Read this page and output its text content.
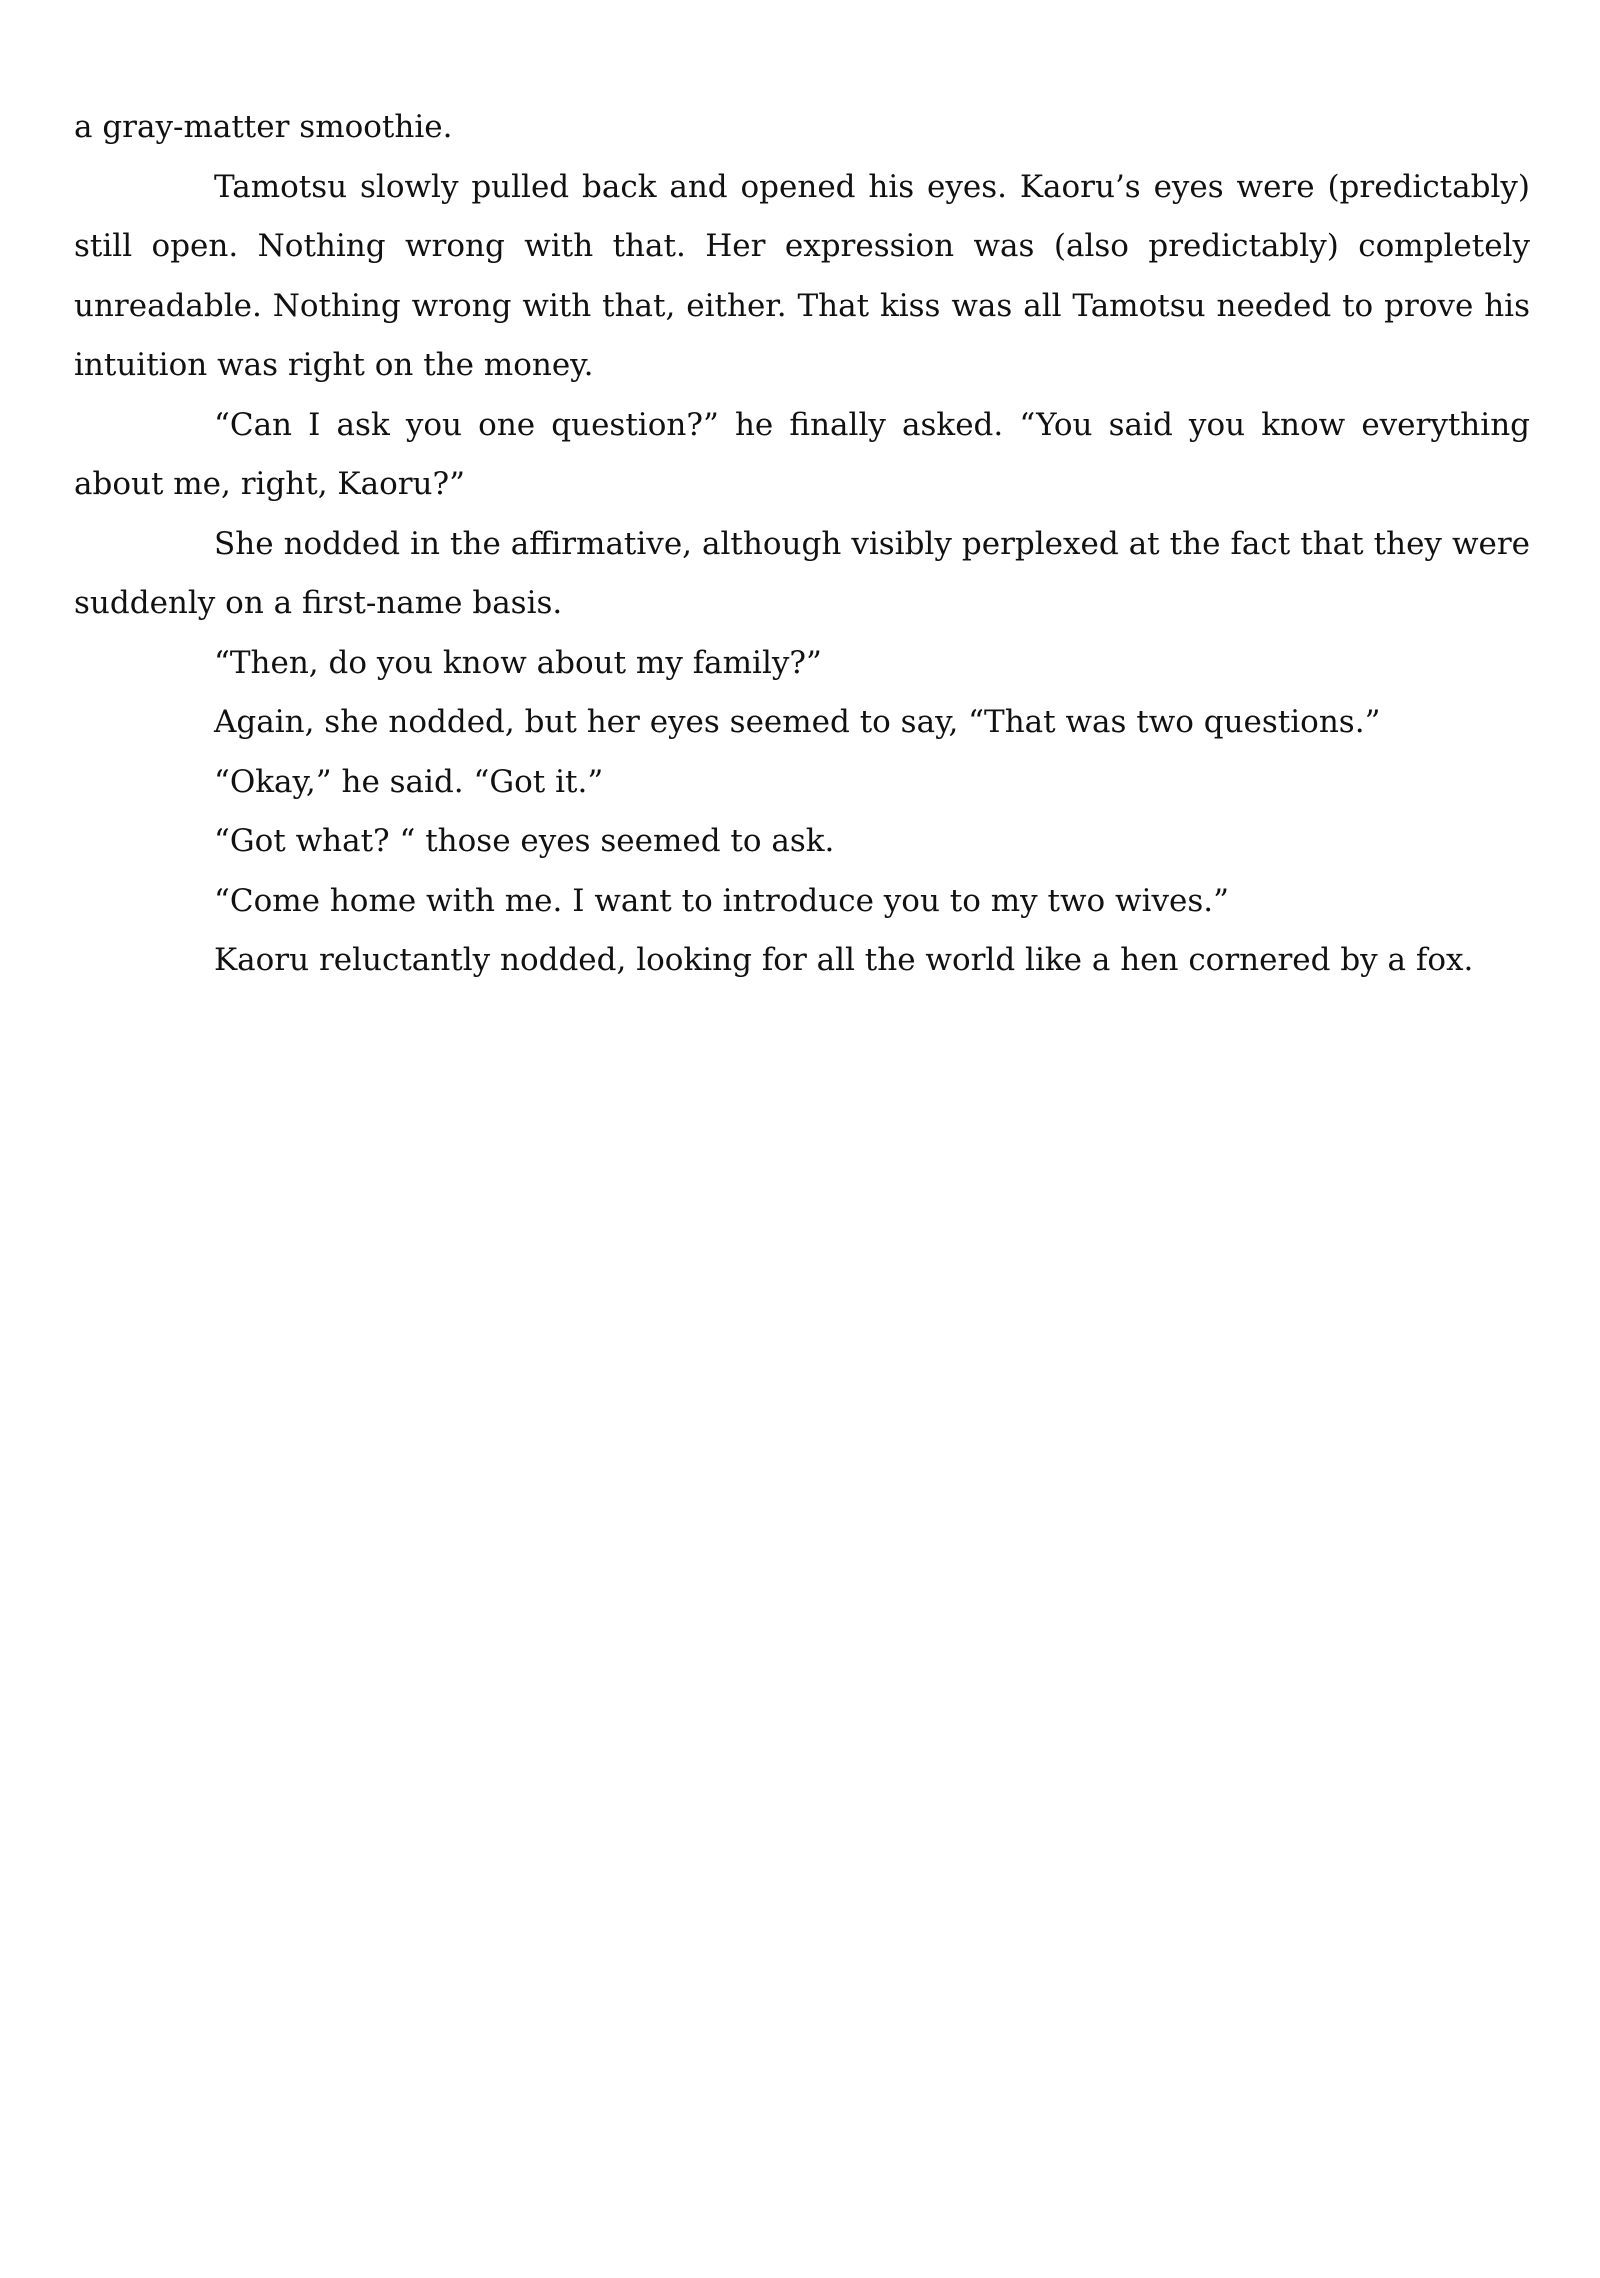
a gray-matter smoothie.

Tamotsu slowly pulled back and opened his eyes. Kaoru’s eyes were (predictably) still open. Nothing wrong with that. Her expression was (also predictably) completely unreadable. Nothing wrong with that, either. That kiss was all Tamotsu needed to prove his intuition was right on the money.

“Can I ask you one question?” he finally asked. “You said you know everything about me, right, Kaoru?”

She nodded in the affirmative, although visibly perplexed at the fact that they were suddenly on a first-name basis.

“Then, do you know about my family?”

Again, she nodded, but her eyes seemed to say, “That was two questions.”

“Okay,” he said. “Got it.”

“Got what? “ those eyes seemed to ask.

“Come home with me. I want to introduce you to my two wives.”

Kaoru reluctantly nodded, looking for all the world like a hen cornered by a fox.
